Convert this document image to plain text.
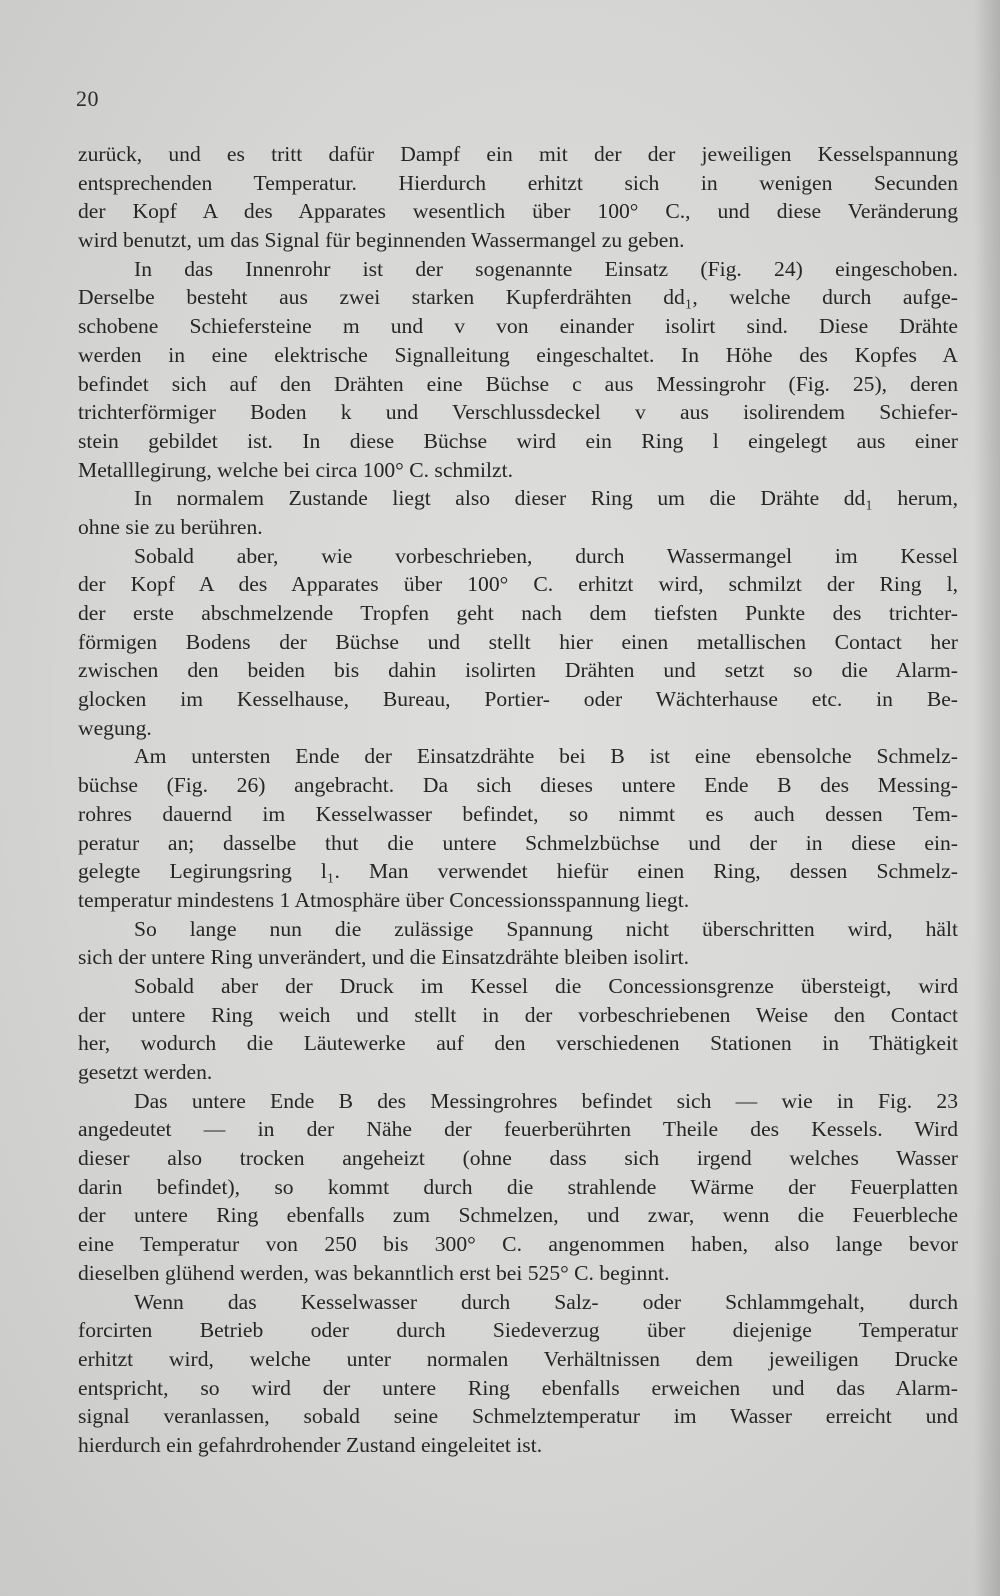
20
zurück, und es tritt dafür Dampf ein mit der der jeweiligen Kesselspannung
entsprechenden Temperatur. Hierdurch erhitzt sich in wenigen Secunden
der Kopf A des Apparates wesentlich über 100° C., und diese Veränderung
wird benutzt, um das Signal für beginnenden Wassermangel zu geben.
In das Innenrohr ist der sogenannte Einsatz (Fig. 24) eingeschoben.
Derselbe besteht aus zwei starken Kupferdrähten dd₁, welche durch aufge-
schobene Schiefersteine m und v von einander isolirt sind. Diese Drähte
werden in eine elektrische Signalleitung eingeschaltet. In Höhe des Kopfes A
befindet sich auf den Drähten eine Büchse c aus Messingrohr (Fig. 25), deren
trichterförmiger Boden k und Verschlussdeckel v aus isolirendem Schiefer-
stein gebildet ist. In diese Büchse wird ein Ring l eingelegt aus einer
Metalllegirung, welche bei circa 100° C. schmilzt.
In normalem Zustande liegt also dieser Ring um die Drähte dd₁ herum,
ohne sie zu berühren.
Sobald aber, wie vorbeschrieben, durch Wassermangel im Kessel
der Kopf A des Apparates über 100° C. erhitzt wird, schmilzt der Ring l,
der erste abschmelzende Tropfen geht nach dem tiefsten Punkte des trichter-
förmigen Bodens der Büchse und stellt hier einen metallischen Contact her
zwischen den beiden bis dahin isolirten Drähten und setzt so die Alarm-
glocken im Kesselhause, Bureau, Portier- oder Wächterhause etc. in Be-
wegung.
Am untersten Ende der Einsatzdrähte bei B ist eine ebensolche Schmelz-
büchse (Fig. 26) angebracht. Da sich dieses untere Ende B des Messing-
rohres dauernd im Kesselwasser befindet, so nimmt es auch dessen Tem-
peratur an; dasselbe thut die untere Schmelzbüchse und der in diese ein-
gelegte Legirungsring l₁. Man verwendet hiefür einen Ring, dessen Schmelz-
temperatur mindestens 1 Atmosphäre über Concessionsspannung liegt.
So lange nun die zulässige Spannung nicht überschritten wird, hält
sich der untere Ring unverändert, und die Einsatzdrähte bleiben isolirt.
Sobald aber der Druck im Kessel die Concessionsgrenze übersteigt, wird
der untere Ring weich und stellt in der vorbeschriebenen Weise den Contact
her, wodurch die Läutewerke auf den verschiedenen Stationen in Thätigkeit
gesetzt werden.
Das untere Ende B des Messingrohres befindet sich — wie in Fig. 23
angedeutet — in der Nähe der feuerberührten Theile des Kessels. Wird
dieser also trocken angeheizt (ohne dass sich irgend welches Wasser
darin befindet), so kommt durch die strahlende Wärme der Feuerplatten
der untere Ring ebenfalls zum Schmelzen, und zwar, wenn die Feuerbleche
eine Temperatur von 250 bis 300° C. angenommen haben, also lange bevor
dieselben glühend werden, was bekanntlich erst bei 525° C. beginnt.
Wenn das Kesselwasser durch Salz- oder Schlammgehalt, durch
forcirten Betrieb oder durch Siedeverzug über diejenige Temperatur
erhitzt wird, welche unter normalen Verhältnissen dem jeweiligen Drucke
entspricht, so wird der untere Ring ebenfalls erweichen und das Alarm-
signal veranlassen, sobald seine Schmelztemperatur im Wasser erreicht und
hierdurch ein gefahrdrohender Zustand eingeleitet ist.
